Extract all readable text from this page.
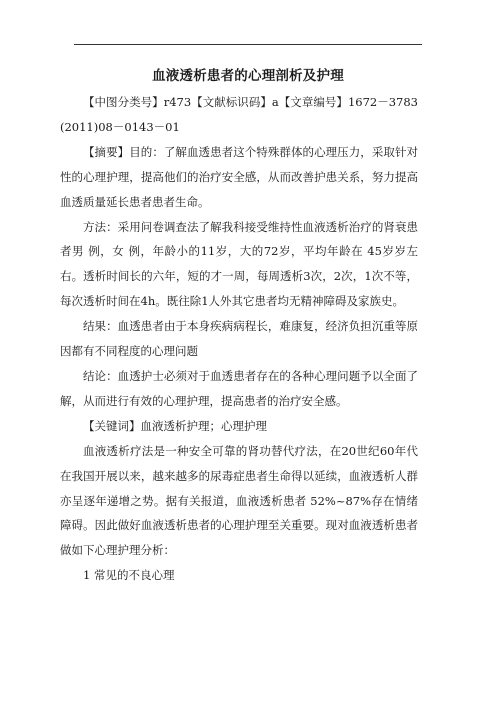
血液透析患者的心理剖析及护理

【中图分类号】r473【文献标识码】a【文章编号】1672－3783(2011)08－0143－01

【摘要】目的：了解血透患者这个特殊群体的心理压力，采取针对性的心理护理，提高他们的治疗安全感，从而改善护患关系，努力提高血透质量延长患者患者生命。

方法：采用问卷调查法了解我科接受维持性血液透析治疗的肾衰患者男 例，女 例，年龄小的11岁，大的72岁，平均年龄在 45岁岁左右。透析时间长的六年，短的才一周，每周透析3次，2次，1次不等，每次透析时间在4h。既往除1人外其它患者均无精神障碍及家族史。

结果：血透患者由于本身疾病病程长，难康复，经济负担沉重等原因都有不同程度的心理问题

结论：血透护士必须对于血透患者存在的各种心理问题予以全面了解，从而进行有效的心理护理，提高患者的治疗安全感。

【关键词】血液透析护理；心理护理

血液透析疗法是一种安全可靠的肾功替代疗法，在20世纪60年代在我国开展以来，越来越多的尿毒症患者生命得以延续，血液透析人群亦呈逐年递增之势。据有关报道，血液透析患者 52%~87%存在情绪障碍。因此做好血液透析患者的心理护理至关重要。现对血液透析患者做如下心理护理分析：

1 常见的不良心理
